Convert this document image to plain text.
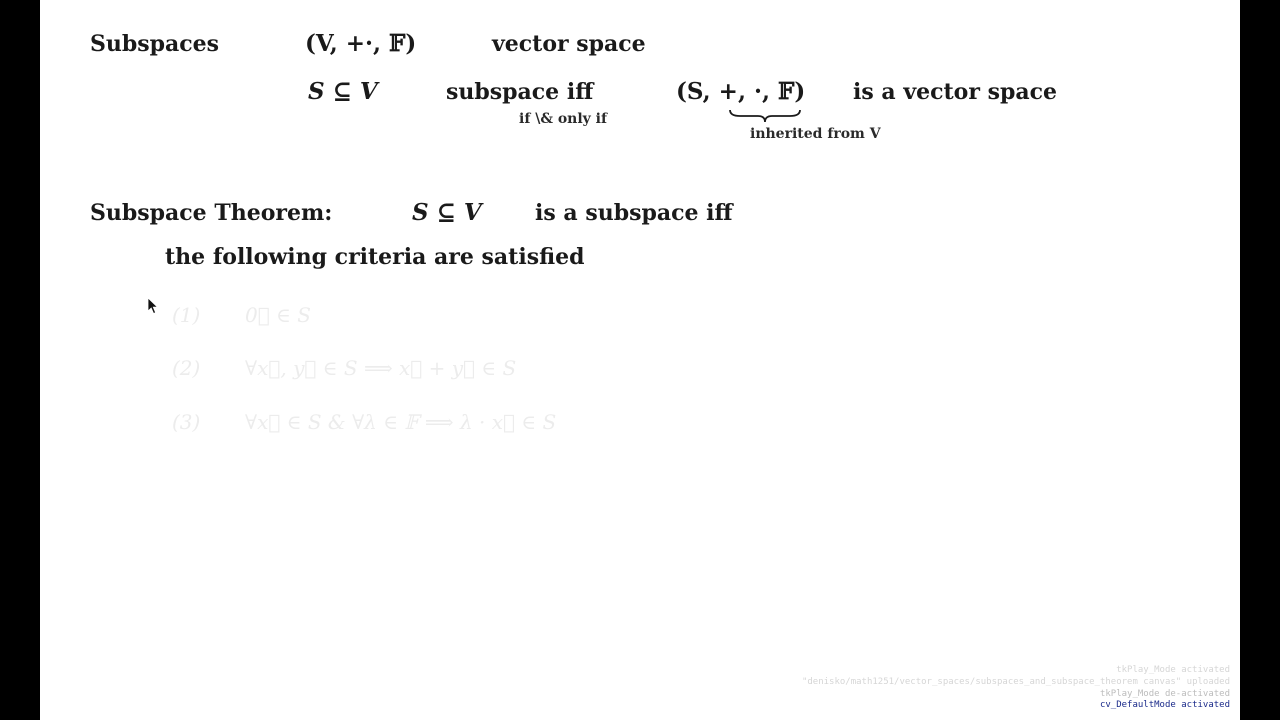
Subspaces	(V, +·, 𝔽)	vector space
S ⊆ V	subspace iff
if \& only if
(S, +, ·, 𝔽)
inherited from V
is a vector space
Subspace Theorem:	S ⊆ V is a subspace iff
the following criteria are satisfied
(1) 0⃗ ∈ S
(2) ∀x⃗, y⃗ ∈ S ⟹ x⃗ + y⃗ ∈ S
(3) ∀x⃗ ∈ S & ∀λ ∈ 𝔽 ⟹ λ · x⃗ ∈ S
tkPlay_Mode activated
"denisko/math1251/vector_spaces/subspaces_and_subspace_theorem canvas" uploaded
tkPlay_Mode de-activated
cv_DefaultMode activated
